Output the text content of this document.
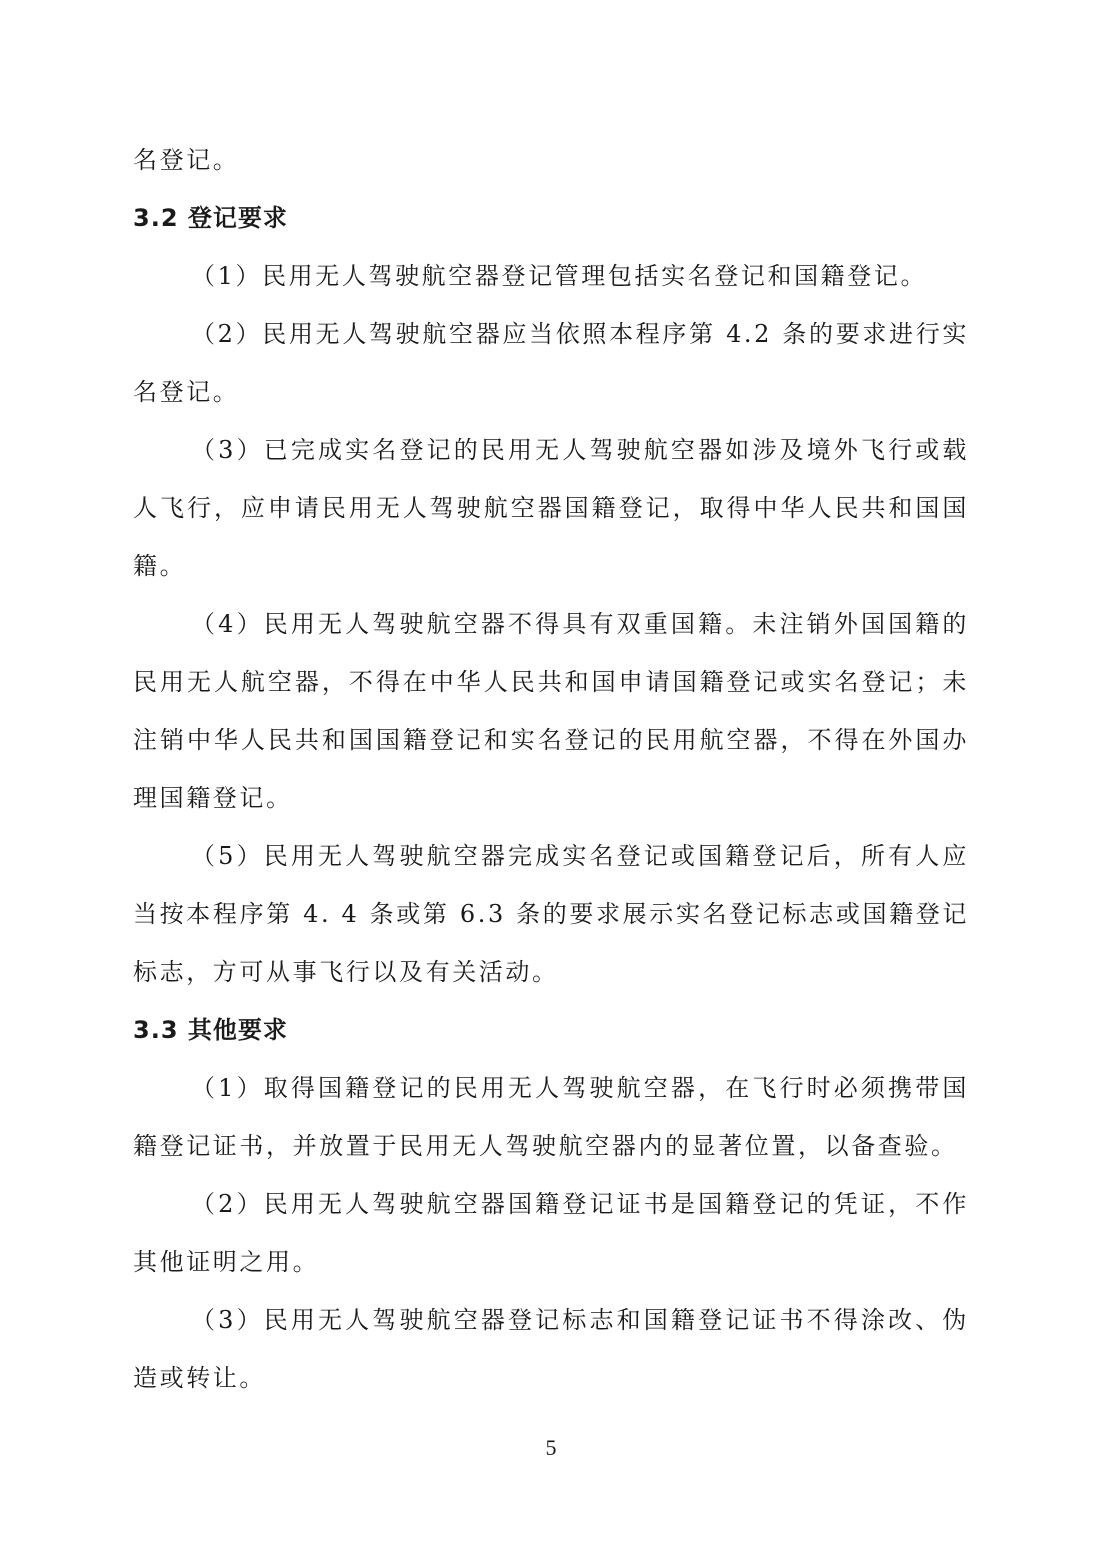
名登记。

3.2 登记要求

（1）民用无人驾驶航空器登记管理包括实名登记和国籍登记。

（2）民用无人驾驶航空器应当依照本程序第 4.2 条的要求进行实名登记。

（3）已完成实名登记的民用无人驾驶航空器如涉及境外飞行或载人飞行，应申请民用无人驾驶航空器国籍登记，取得中华人民共和国国籍。

（4）民用无人驾驶航空器不得具有双重国籍。未注销外国国籍的民用无人航空器，不得在中华人民共和国申请国籍登记或实名登记；未注销中华人民共和国国籍登记和实名登记的民用航空器，不得在外国办理国籍登记。

（5）民用无人驾驶航空器完成实名登记或国籍登记后，所有人应当按本程序第 4. 4 条或第 6.3 条的要求展示实名登记标志或国籍登记标志，方可从事飞行以及有关活动。

3.3 其他要求

（1）取得国籍登记的民用无人驾驶航空器，在飞行时必须携带国籍登记证书，并放置于民用无人驾驶航空器内的显著位置，以备查验。

（2）民用无人驾驶航空器国籍登记证书是国籍登记的凭证，不作其他证明之用。

（3）民用无人驾驶航空器登记标志和国籍登记证书不得涂改、伪造或转让。

5
